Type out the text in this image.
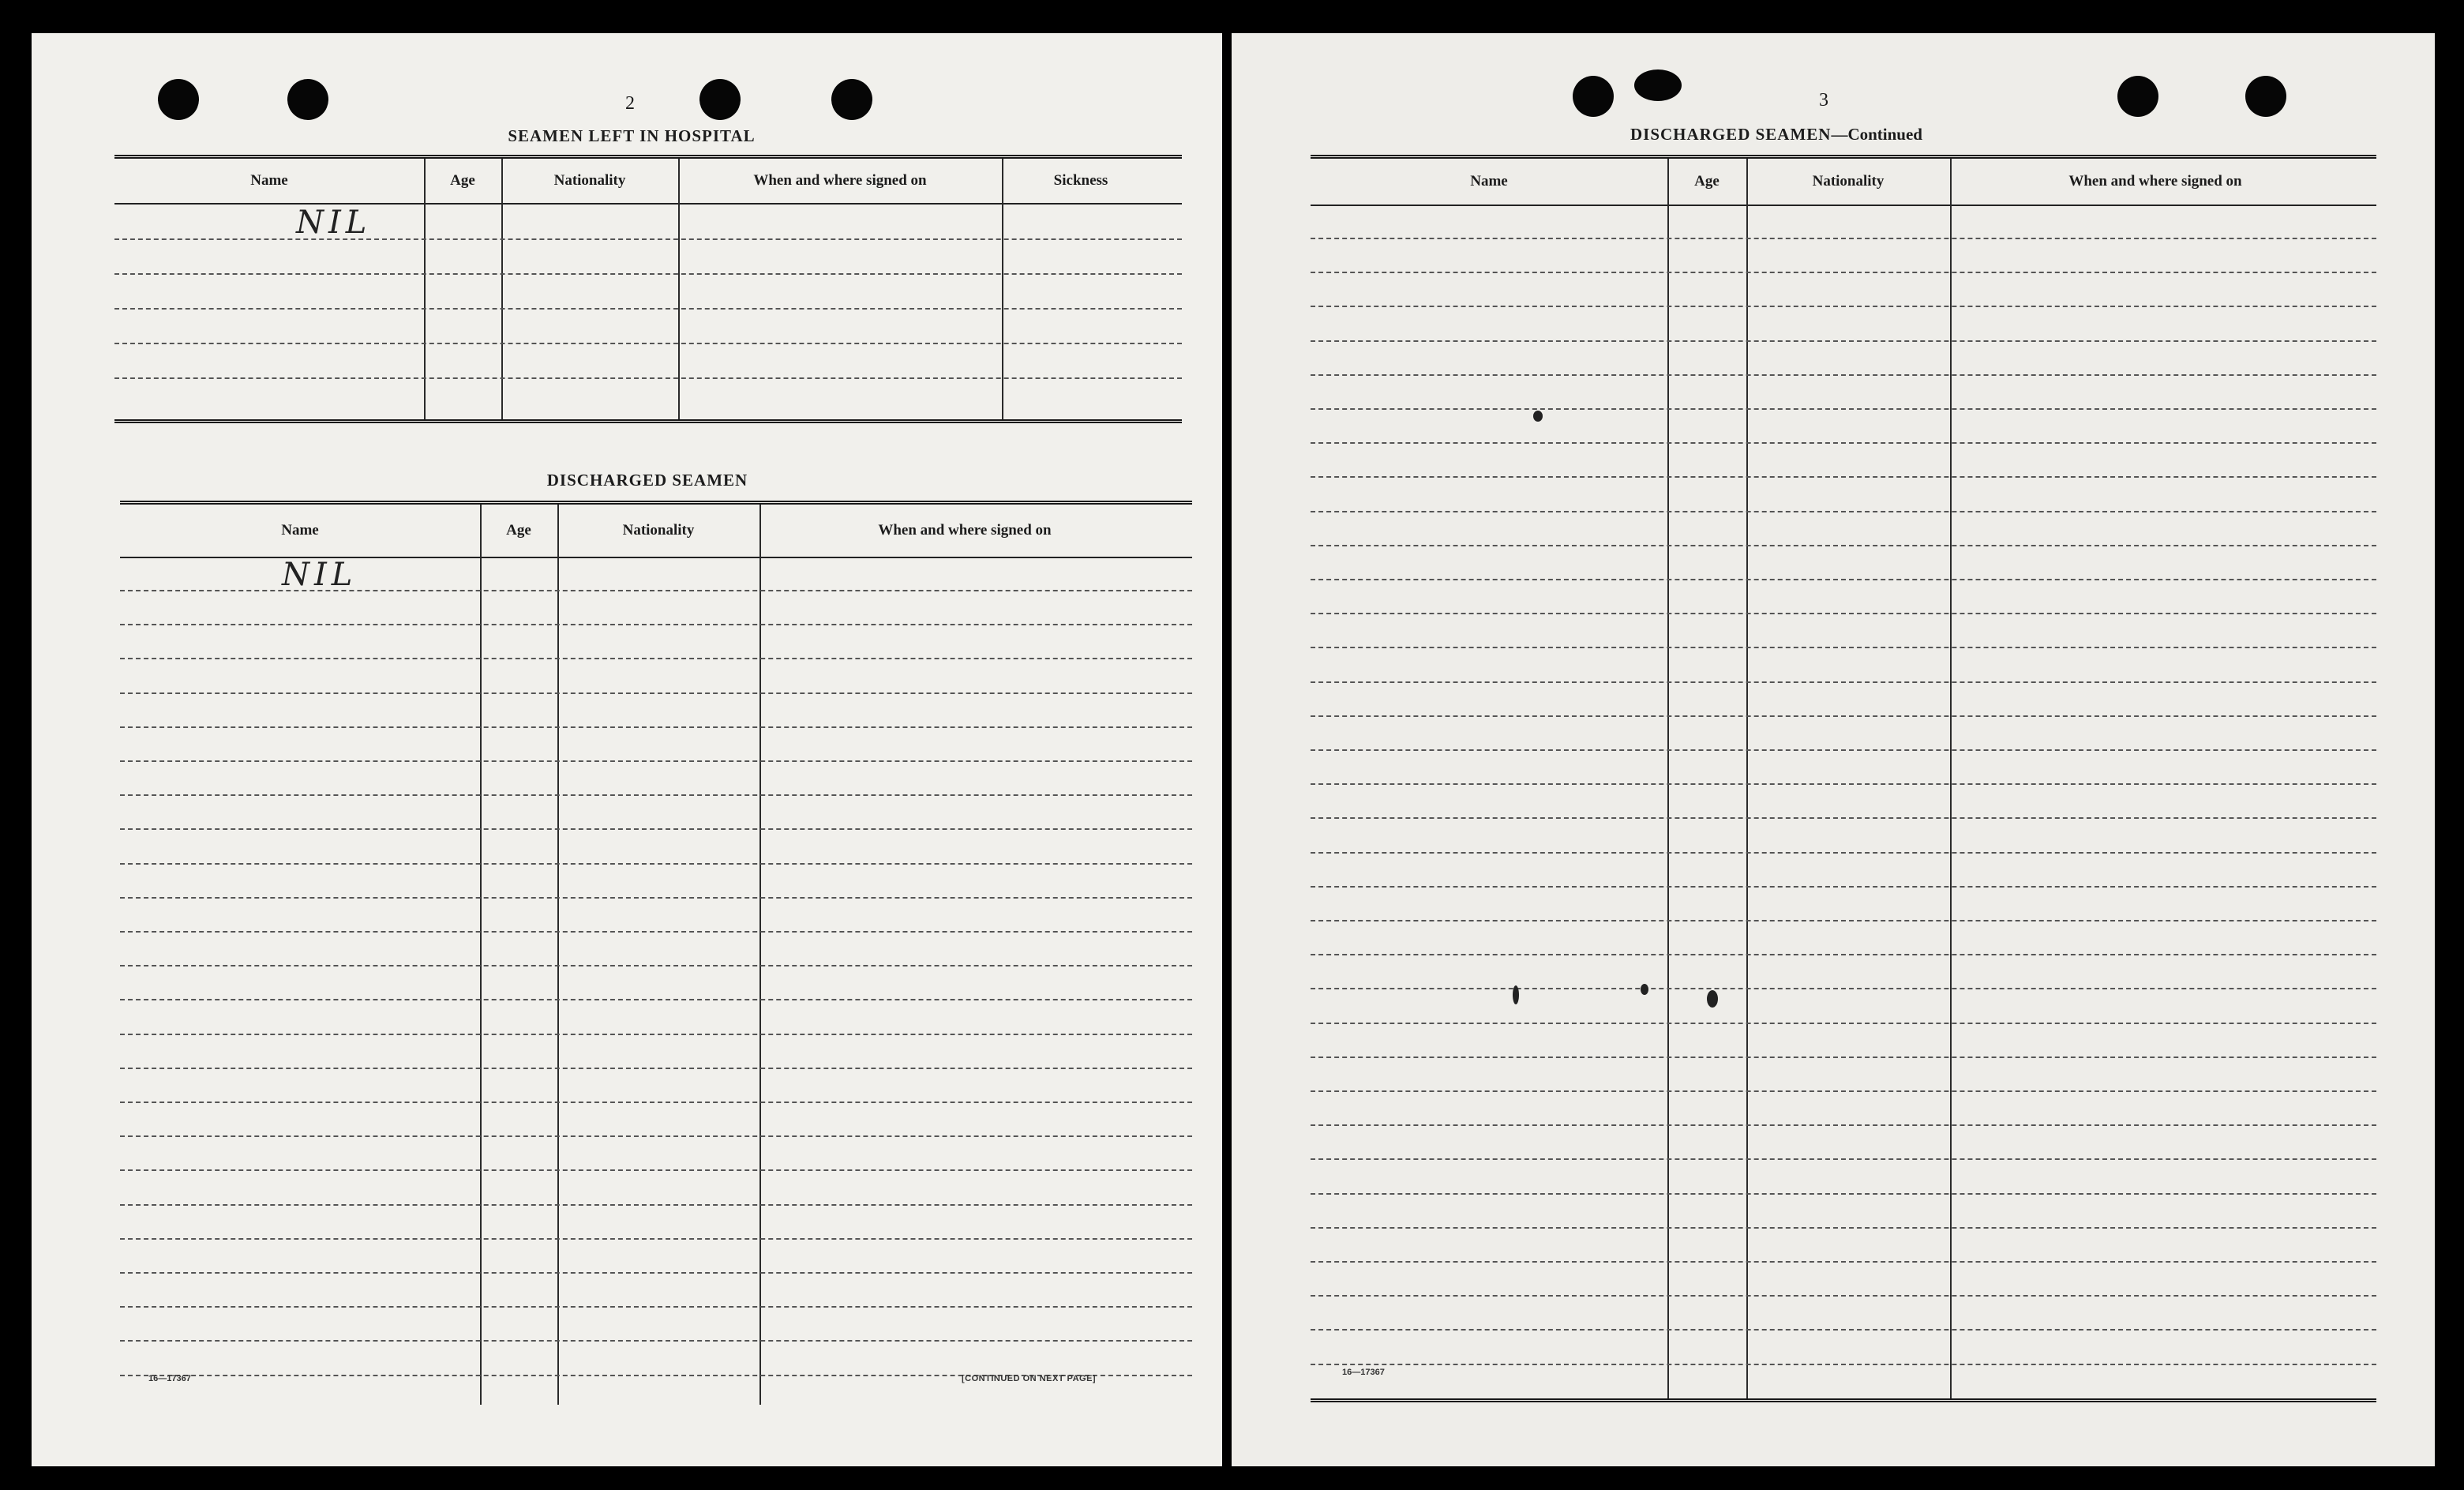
2
SEAMEN LEFT IN HOSPITAL
Name	Age	Nationality	When and where signed on	Sickness
NIL
DISCHARGED SEAMEN
Name	Age	Nationality	When and where signed on
NIL
16—17367	[CONTINUED ON NEXT PAGE]
3
DISCHARGED SEAMEN—Continued
Name	Age	Nationality	When and where signed on
16—17367
